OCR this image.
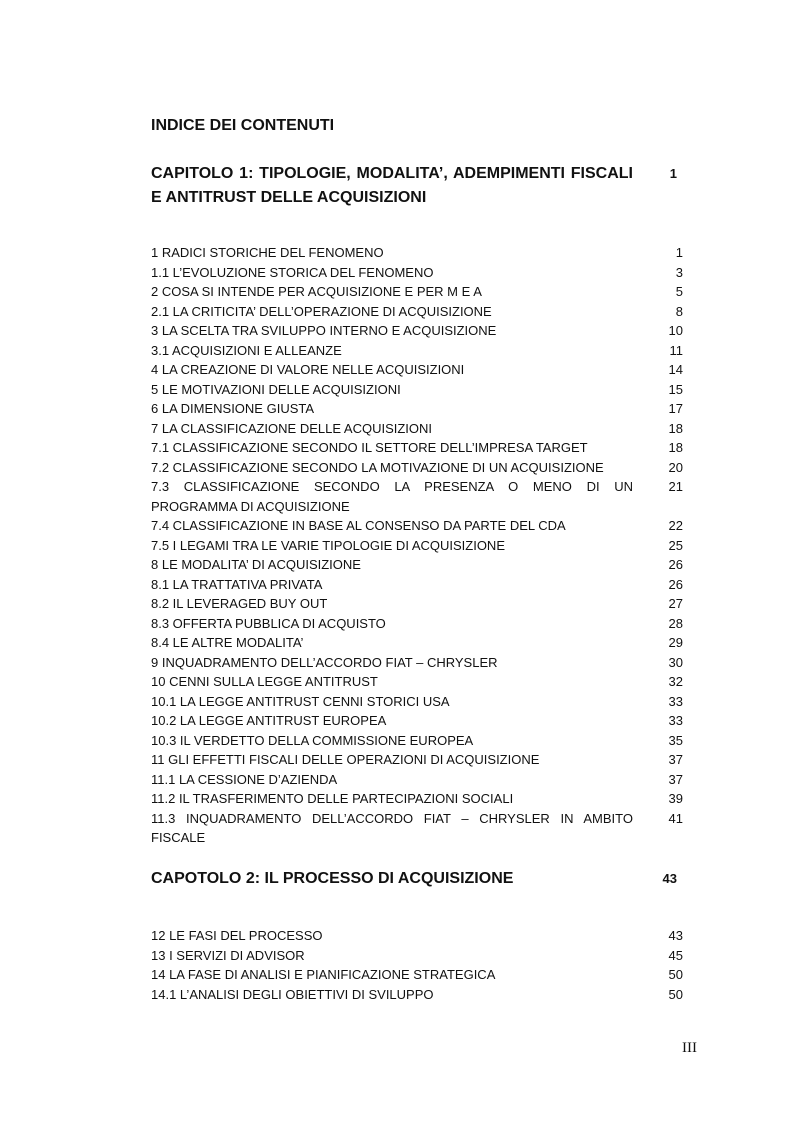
INDICE DEI CONTENUTI
CAPITOLO 1: TIPOLOGIE, MODALITA’, ADEMPIMENTI FISCALI E ANTITRUST DELLE ACQUISIZIONI
1
1 RADICI STORICHE DEL FENOMENO	1
1.1 L’EVOLUZIONE STORICA DEL FENOMENO	3
2 COSA SI INTENDE PER ACQUISIZIONE E PER M E A	5
2.1 LA CRITICITA’ DELL’OPERAZIONE DI ACQUISIZIONE	8
3 LA SCELTA TRA SVILUPPO INTERNO E ACQUISIZIONE	10
3.1 ACQUISIZIONI E ALLEANZE	11
4 LA CREAZIONE DI VALORE NELLE ACQUISIZIONI	14
5 LE MOTIVAZIONI DELLE ACQUISIZIONI	15
6 LA DIMENSIONE GIUSTA	17
7 LA CLASSIFICAZIONE DELLE ACQUISIZIONI	18
7.1 CLASSIFICAZIONE SECONDO IL SETTORE DELL’IMPRESA TARGET	18
7.2 CLASSIFICAZIONE SECONDO LA MOTIVAZIONE DI UN ACQUISIZIONE	20
7.3 CLASSIFICAZIONE SECONDO LA PRESENZA O MENO DI UN PROGRAMMA DI ACQUISIZIONE
21
7.4 CLASSIFICAZIONE IN BASE AL CONSENSO DA PARTE DEL CDA	22
7.5 I LEGAMI TRA LE VARIE TIPOLOGIE DI ACQUISIZIONE	25
8 LE MODALITA’ DI ACQUISIZIONE	26
8.1 LA TRATTATIVA PRIVATA	26
8.2 IL LEVERAGED BUY OUT	27
8.3 OFFERTA PUBBLICA DI ACQUISTO	28
8.4 LE ALTRE MODALITA’	29
9 INQUADRAMENTO DELL’ACCORDO FIAT – CHRYSLER	30
10 CENNI SULLA LEGGE ANTITRUST	32
10.1 LA LEGGE ANTITRUST CENNI STORICI USA	33
10.2 LA LEGGE ANTITRUST EUROPEA	33
10.3 IL VERDETTO DELLA COMMISSIONE EUROPEA	35
11 GLI EFFETTI FISCALI DELLE OPERAZIONI DI ACQUISIZIONE	37
11.1 LA CESSIONE D’AZIENDA	37
11.2 IL TRASFERIMENTO DELLE PARTECIPAZIONI SOCIALI	39
11.3 INQUADRAMENTO DELL’ACCORDO FIAT – CHRYSLER IN AMBITO FISCALE
41
CAPOTOLO 2: IL PROCESSO DI ACQUISIZIONE	43
12 LE FASI DEL PROCESSO	43
13 I SERVIZI DI ADVISOR	45
14 LA FASE DI ANALISI E PIANIFICAZIONE STRATEGICA	50
14.1 L’ANALISI DEGLI OBIETTIVI DI SVILUPPO	50
III
